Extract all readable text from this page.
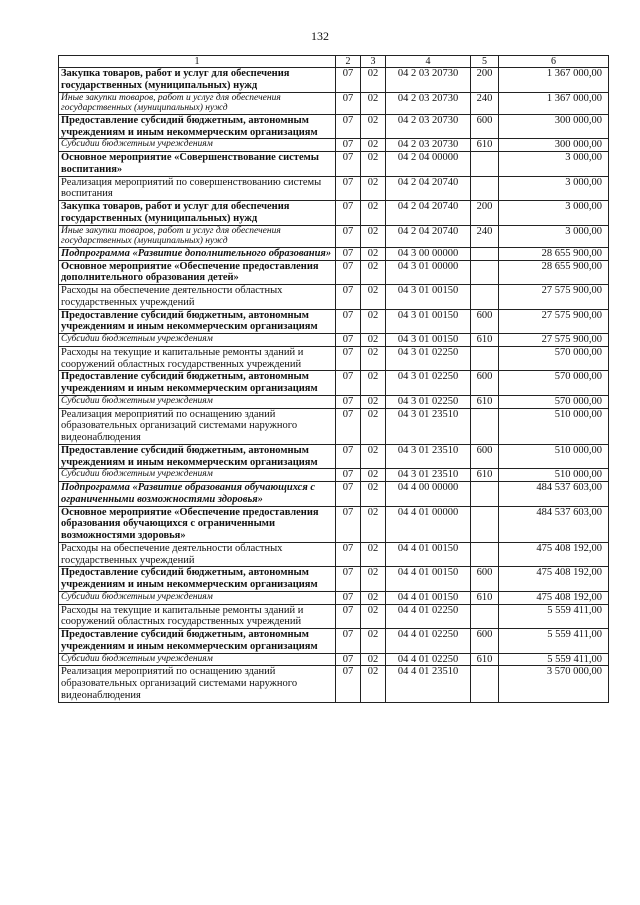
132
1	2	3	4	5	6
Закупка товаров, работ и услуг для обеспечения государственных (муниципальных) нужд	07	02	04 2 03 20730	200	1 367 000,00
Иные закупки товаров, работ и услуг для обеспечения государственных (муниципальных) нужд	07	02	04 2 03 20730	240	1 367 000,00
Предоставление субсидий бюджетным, автономным учреждениям и иным некоммерческим организациям	07	02	04 2 03 20730	600	300 000,00
Субсидии бюджетным учреждениям	07	02	04 2 03 20730	610	300 000,00
Основное мероприятие «Совершенствование системы воспитания»	07	02	04 2 04 00000		3 000,00
Реализация мероприятий по совершенствованию системы воспитания	07	02	04 2 04 20740		3 000,00
Закупка товаров, работ и услуг для обеспечения государственных (муниципальных) нужд	07	02	04 2 04 20740	200	3 000,00
Иные закупки товаров, работ и услуг для обеспечения государственных (муниципальных) нужд	07	02	04 2 04 20740	240	3 000,00
Подпрограмма «Развитие дополнительного образования»	07	02	04 3 00 00000		28 655 900,00
Основное мероприятие «Обеспечение предоставления дополнительного образования детей»	07	02	04 3 01 00000		28 655 900,00
Расходы на обеспечение деятельности областных государственных учреждений	07	02	04 3 01 00150		27 575 900,00
Предоставление субсидий бюджетным, автономным учреждениям и иным некоммерческим организациям	07	02	04 3 01 00150	600	27 575 900,00
Субсидии бюджетным учреждениям	07	02	04 3 01 00150	610	27 575 900,00
Расходы на текущие и капитальные ремонты зданий и сооружений областных государственных учреждений	07	02	04 3 01 02250		570 000,00
Предоставление субсидий бюджетным, автономным учреждениям и иным некоммерческим организациям	07	02	04 3 01 02250	600	570 000,00
Субсидии бюджетным учреждениям	07	02	04 3 01 02250	610	570 000,00
Реализация мероприятий по оснащению зданий образовательных организаций системами наружного видеонаблюдения	07	02	04 3 01 23510		510 000,00
Предоставление субсидий бюджетным, автономным учреждениям и иным некоммерческим организациям	07	02	04 3 01 23510	600	510 000,00
Субсидии бюджетным учреждениям	07	02	04 3 01 23510	610	510 000,00
Подпрограмма «Развитие образования обучающихся с ограниченными возможностями здоровья»	07	02	04 4 00 00000		484 537 603,00
Основное мероприятие «Обеспечение предоставления образования обучающихся с ограниченными возможностями здоровья»	07	02	04 4 01 00000		484 537 603,00
Расходы на обеспечение деятельности областных государственных учреждений	07	02	04 4 01 00150		475 408 192,00
Предоставление субсидий бюджетным, автономным учреждениям и иным некоммерческим организациям	07	02	04 4 01 00150	600	475 408 192,00
Субсидии бюджетным учреждениям	07	02	04 4 01 00150	610	475 408 192,00
Расходы на текущие и капитальные ремонты зданий и сооружений областных государственных учреждений	07	02	04 4 01 02250		5 559 411,00
Предоставление субсидий бюджетным, автономным учреждениям и иным некоммерческим организациям	07	02	04 4 01 02250	600	5 559 411,00
Субсидии бюджетным учреждениям	07	02	04 4 01 02250	610	5 559 411,00
Реализация мероприятий по оснащению зданий образовательных организаций системами наружного видеонаблюдения	07	02	04 4 01 23510		3 570 000,00
